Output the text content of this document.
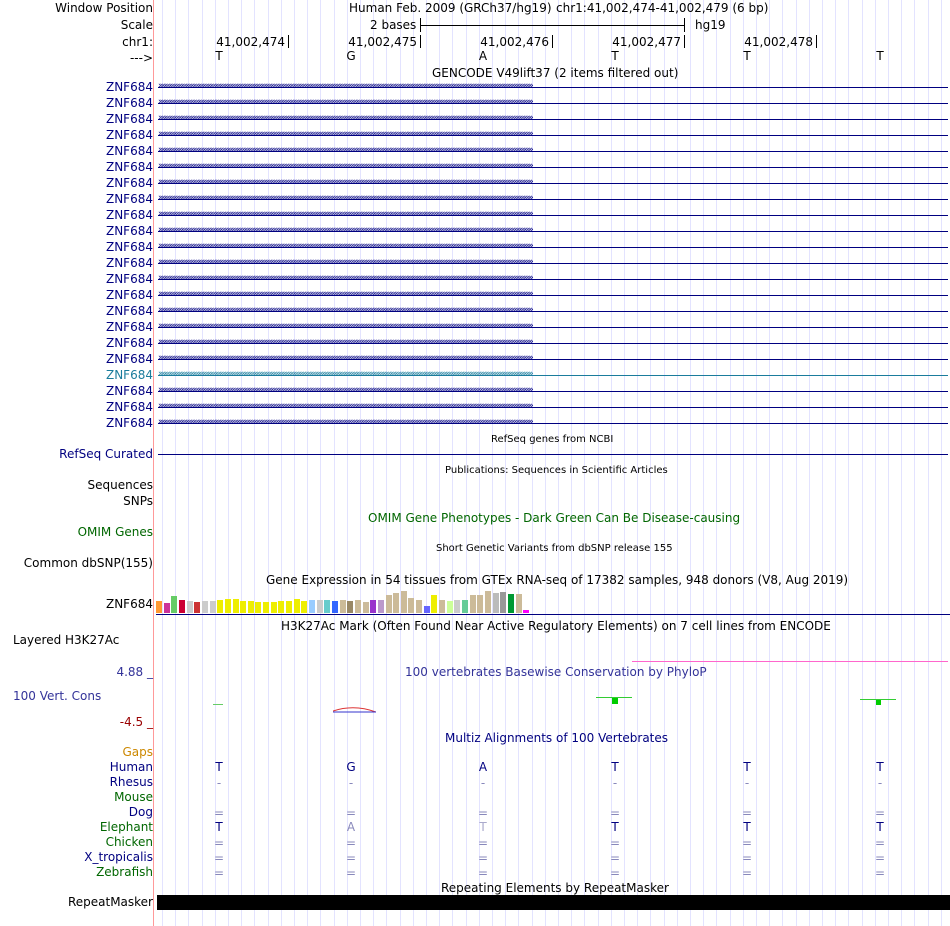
Window Position
Scale
chr1:
--->
Human Feb. 2009 (GRCh37/hg19) chr1:41,002,474-41,002,479 (6 bp)
2 bases	hg19
41,002,474	41,002,475	41,002,476	41,002,477	41,002,478
T	G	A	T	T	T
GENCODE V49lift37 (2 items filtered out)
ZNF684 ››››››››››››››››››››››››››››››››››››››››››››››››››››››››››››››››››››››››››››››››››››››››››››››››››››››››››››››››››››››››››››››››››››››››››››››››››››››››››››››››››››››››››››››››››››››››››››››››››››››››››››››››››››››››››››
ZNF684 ››››››››››››››››››››››››››››››››››››››››››››››››››››››››››››››››››››››››››››››››››››››››››››››››››››››››››››››››››››››››››››››››››››››››››››››››››››››››››››››››››››››››››››››››››››››››››››››››››››››››››››››››››››››››››››
ZNF684 ››››››››››››››››››››››››››››››››››››››››››››››››››››››››››››››››››››››››››››››››››››››››››››››››››››››››››››››››››››››››››››››››››››››››››››››››››››››››››››››››››››››››››››››››››››››››››››››››››››››››››››››››››››››››››››
ZNF684 ››››››››››››››››››››››››››››››››››››››››››››››››››››››››››››››››››››››››››››››››››››››››››››››››››››››››››››››››››››››››››››››››››››››››››››››››››››››››››››››››››››››››››››››››››››››››››››››››››››››››››››››››››››››››››››
ZNF684 ››››››››››››››››››››››››››››››››››››››››››››››››››››››››››››››››››››››››››››››››››››››››››››››››››››››››››››››››››››››››››››››››››››››››››››››››››››››››››››››››››››››››››››››››››››››››››››››››››››››››››››››››››››››››››››
ZNF684 ››››››››››››››››››››››››››››››››››››››››››››››››››››››››››››››››››››››››››››››››››››››››››››››››››››››››››››››››››››››››››››››››››››››››››››››››››››››››››››››››››››››››››››››››››››››››››››››››››››››››››››››››››››››››››››
ZNF684 ››››››››››››››››››››››››››››››››››››››››››››››››››››››››››››››››››››››››››››››››››››››››››››››››››››››››››››››››››››››››››››››››››››››››››››››››››››››››››››››››››››››››››››››››››››››››››››››››››››››››››››››››››››››››››››
ZNF684 ››››››››››››››››››››››››››››››››››››››››››››››››››››››››››››››››››››››››››››››››››››››››››››››››››››››››››››››››››››››››››››››››››››››››››››››››››››››››››››››››››››››››››››››››››››››››››››››››››››››››››››››››››››››››››››
ZNF684 ››››››››››››››››››››››››››››››››››››››››››››››››››››››››››››››››››››››››››››››››››››››››››››››››››››››››››››››››››››››››››››››››››››››››››››››››››››››››››››››››››››››››››››››››››››››››››››››››››››››››››››››››››››››››››››
ZNF684 ››››››››››››››››››››››››››››››››››››››››››››››››››››››››››››››››››››››››››››››››››››››››››››››››››››››››››››››››››››››››››››››››››››››››››››››››››››››››››››››››››››››››››››››››››››››››››››››››››››››››››››››››››››››››››››
ZNF684 ››››››››››››››››››››››››››››››››››››››››››››››››››››››››››››››››››››››››››››››››››››››››››››››››››››››››››››››››››››››››››››››››››››››››››››››››››››››››››››››››››››››››››››››››››››››››››››››››››››››››››››››››››››››››››››
ZNF684 ››››››››››››››››››››››››››››››››››››››››››››››››››››››››››››››››››››››››››››››››››››››››››››››››››››››››››››››››››››››››››››››››››››››››››››››››››››››››››››››››››››››››››››››››››››››››››››››››››››››››››››››››››››››››››››
ZNF684 ››››››››››››››››››››››››››››››››››››››››››››››››››››››››››››››››››››››››››››››››››››››››››››››››››››››››››››››››››››››››››››››››››››››››››››››››››››››››››››››››››››››››››››››››››››››››››››››››››››››››››››››››››››››››››››
ZNF684 ››››››››››››››››››››››››››››››››››››››››››››››››››››››››››››››››››››››››››››››››››››››››››››››››››››››››››››››››››››››››››››››››››››››››››››››››››››››››››››››››››››››››››››››››››››››››››››››››››››››››››››››››››››››››››››
ZNF684 ››››››››››››››››››››››››››››››››››››››››››››››››››››››››››››››››››››››››››››››››››››››››››››››››››››››››››››››››››››››››››››››››››››››››››››››››››››››››››››››››››››››››››››››››››››››››››››››››››››››››››››››››››››››››››››
ZNF684 ››››››››››››››››››››››››››››››››››››››››››››››››››››››››››››››››››››››››››››››››››››››››››››››››››››››››››››››››››››››››››››››››››››››››››››››››››››››››››››››››››››››››››››››››››››››››››››››››››››››››››››››››››››››››››››
ZNF684 ››››››››››››››››››››››››››››››››››››››››››››››››››››››››››››››››››››››››››››››››››››››››››››››››››››››››››››››››››››››››››››››››››››››››››››››››››››››››››››››››››››››››››››››››››››››››››››››››››››››››››››››››››››››››››››
ZNF684 ››››››››››››››››››››››››››››››››››››››››››››››››››››››››››››››››››››››››››››››››››››››››››››››››››››››››››››››››››››››››››››››››››››››››››››››››››››››››››››››››››››››››››››››››››››››››››››››››››››››››››››››››››››››››››››
ZNF684 ››››››››››››››››››››››››››››››››››››››››››››››››››››››››››››››››››››››››››››››››››››››››››››››››››››››››››››››››››››››››››››››››››››››››››››››››››››››››››››››››››››››››››››››››››››››››››››››››››››››››››››››››››››››››››››
ZNF684 ››››››››››››››››››››››››››››››››››››››››››››››››››››››››››››››››››››››››››››››››››››››››››››››››››››››››››››››››››››››››››››››››››››››››››››››››››››››››››››››››››››››››››››››››››››››››››››››››››››››››››››››››››››››››››››
ZNF684 ››››››››››››››››››››››››››››››››››››››››››››››››››››››››››››››››››››››››››››››››››››››››››››››››››››››››››››››››››››››››››››››››››››››››››››››››››››››››››››››››››››››››››››››››››››››››››››››››››››››››››››››››››››››››››››
ZNF684 ››››››››››››››››››››››››››››››››››››››››››››››››››››››››››››››››››››››››››››››››››››››››››››››››››››››››››››››››››››››››››››››››››››››››››››››››››››››››››››››››››››››››››››››››››››››››››››››››››››››››››››››››››››››››››››
RefSeq genes from NCBI
RefSeq Curated
Publications: Sequences in Scientific Articles
Sequences
SNPs
OMIM Gene Phenotypes - Dark Green Can Be Disease-causing
OMIM Genes
Short Genetic Variants from dbSNP release 155
Common dbSNP(155)
Gene Expression in 54 tissues from GTEx RNA-seq of 17382 samples, 948 donors (V8, Aug 2019)
ZNF684
H3K27Ac Mark (Often Found Near Active Regulatory Elements) on 7 cell lines from ENCODE
Layered H3K27Ac
4.88 _	100 vertebrates Basewise Conservation by PhyloP
100 Vert. Cons
-4.5 _
Multiz Alignments of 100 Vertebrates
Gaps
Human	T	G	A	T	T	T
Rhesus	-	-	-	-	-	-
Mouse
Dog	=	=	=	=	=	=
Elephant	T	A	T	T	T	T
Chicken	=	=	=	=	=	=
X_tropicalis	=	=	=	=	=	=
Zebrafish	=	=	=	=	=	=
Repeating Elements by RepeatMasker
RepeatMasker
